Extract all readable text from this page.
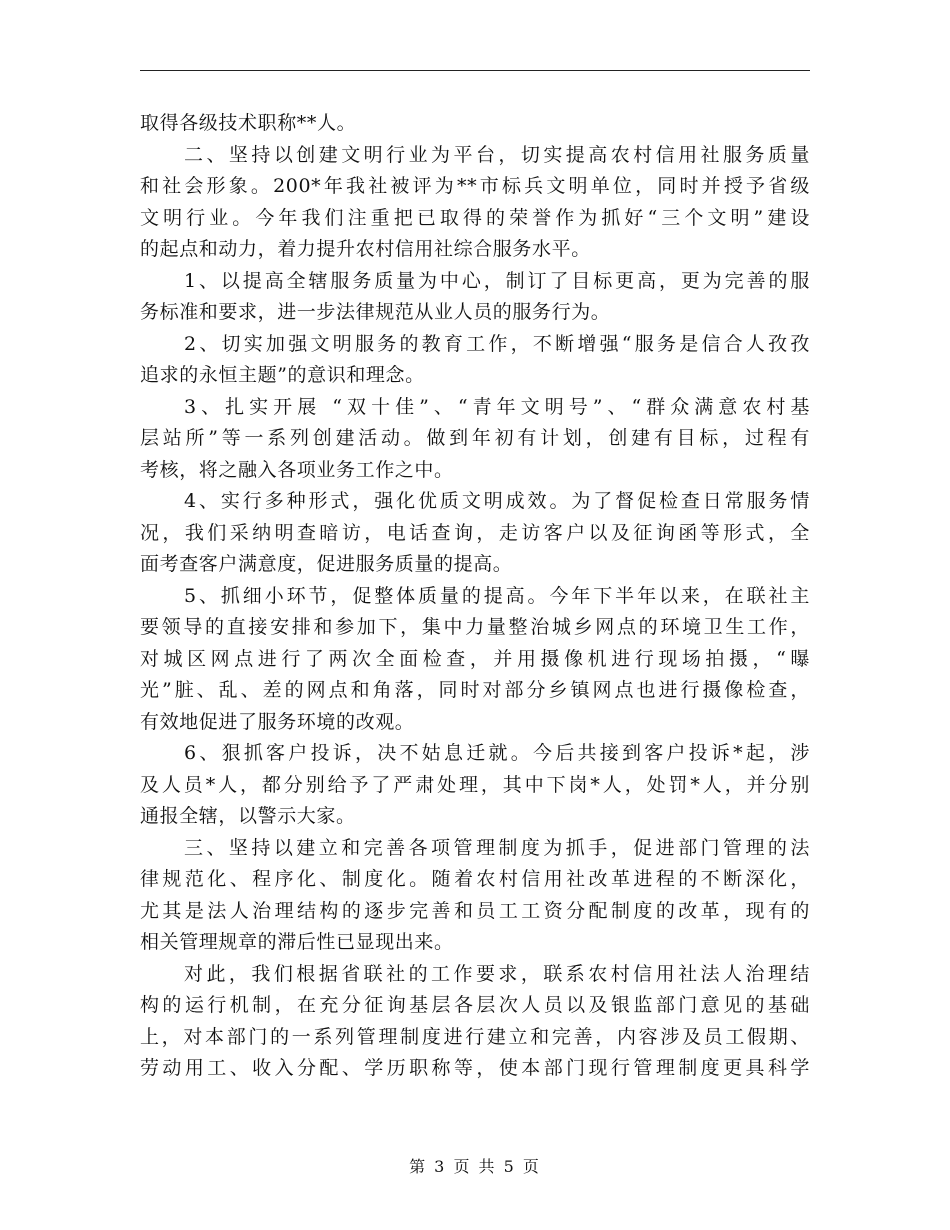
取得各级技术职称**人。
二、坚持以创建文明行业为平台，切实提高农村信用社服务质量
和社会形象。200*年我社被评为**市标兵文明单位，同时并授予省级
文明行业。今年我们注重把已取得的荣誉作为抓好“三个文明”建设
的起点和动力，着力提升农村信用社综合服务水平。
1、以提高全辖服务质量为中心，制订了目标更高，更为完善的服
务标准和要求，进一步法律规范从业人员的服务行为。
2、切实加强文明服务的教育工作，不断增强“服务是信合人孜孜
追求的永恒主题”的意识和理念。
3、扎实开展 “双十佳”、“青年文明号”、“群众满意农村基
层站所”等一系列创建活动。做到年初有计划，创建有目标，过程有
考核，将之融入各项业务工作之中。
4、实行多种形式，强化优质文明成效。为了督促检查日常服务情
况，我们采纳明查暗访，电话查询，走访客户以及征询函等形式，全
面考查客户满意度，促进服务质量的提高。
5、抓细小环节，促整体质量的提高。今年下半年以来，在联社主
要领导的直接安排和参加下，集中力量整治城乡网点的环境卫生工作，
对城区网点进行了两次全面检查，并用摄像机进行现场拍摄，“曝
光”脏、乱、差的网点和角落，同时对部分乡镇网点也进行摄像检查，
有效地促进了服务环境的改观。
6、狠抓客户投诉，决不姑息迁就。今后共接到客户投诉*起，涉
及人员*人，都分别给予了严肃处理，其中下岗*人，处罚*人，并分别
通报全辖，以警示大家。
三、坚持以建立和完善各项管理制度为抓手，促进部门管理的法
律规范化、程序化、制度化。随着农村信用社改革进程的不断深化，
尤其是法人治理结构的逐步完善和员工工资分配制度的改革，现有的
相关管理规章的滞后性已显现出来。
对此，我们根据省联社的工作要求，联系农村信用社法人治理结
构的运行机制，在充分征询基层各层次人员以及银监部门意见的基础
上，对本部门的一系列管理制度进行建立和完善，内容涉及员工假期、
劳动用工、收入分配、学历职称等，使本部门现行管理制度更具科学
第 3 页 共 5 页
